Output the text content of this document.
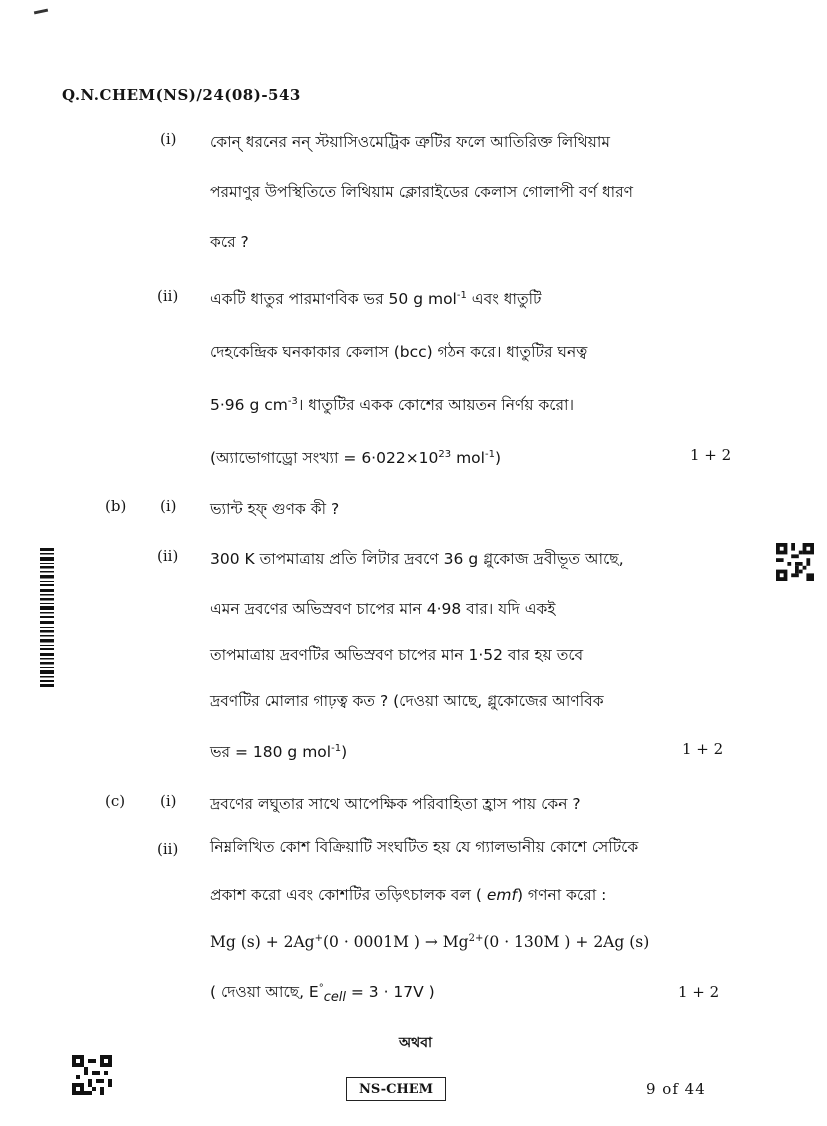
Q.N.CHEM(NS)/24(08)-543
(i) কোন্ ধরনের নন্ স্টয়াসিওমেট্রিক ত্রুটির ফলে আতিরিক্ত লিথিয়াম
পরমাণুর উপস্থিতিতে লিথিয়াম ক্লোরাইডের কেলাস গোলাপী বর্ণ ধারণ
করে ?
(ii) একটি ধাতুর পারমাণবিক ভর 50 g mol$^{-1}$ এবং ধাতুটি
দেহকেন্দ্রিক ঘনকাকার কেলাস (bcc) গঠন করে। ধাতুটির ঘনত্ব
5·96 g $cm^{-3}।$ ধাতুটির একক কোশের আয়তন নির্ণয় করো।
(অ্যাভোগাড্রো সংখ্যা = $6\cdot 022\times 10^{23}$ mol$^{-1}$)	1 + 2
(b) (i) ভ্যান্ট হফ্ গুণক কী ?
(ii) 300 K তাপমাত্রায় প্রতি লিটার দ্রবণে 36 g গ্লুকোজ দ্রবীভূত আছে,
এমন দ্রবণের অভিস্রবণ চাপের মান 4·98 বার। যদি একই
তাপমাত্রায় দ্রবণটির অভিস্রবণ চাপের মান 1·52 বার হয় তবে
দ্রবণটির মোলার গাঢ়ত্ব কত ? (দেওয়া আছে, গ্লুকোজের আণবিক
ভর = 180 g mol$^{-1}$)	1 + 2
(c) (i) দ্রবণের লঘুতার সাথে আপেক্ষিক পরিবাহিতা হ্রাস পায় কেন ?
(ii) নিম্নলিখিত কোশ বিক্রিয়াটি সংঘটিত হয় যে গ্যালভানীয় কোশে সেটিকে
প্রকাশ করো এবং কোশটির তড়িৎচালক বল ( emf) গণনা করো :
Mg (s) + 2Ag+(0 · 0001M ) → $Mg^{2+}(0 \cdot 130M$ ) + 2Ag (s)
( দেওয়া আছে, $E^\circ_{cell} = 3 \cdot 17V$ )	1 + 2
অথবা
NS-CHEM	9 of 44
